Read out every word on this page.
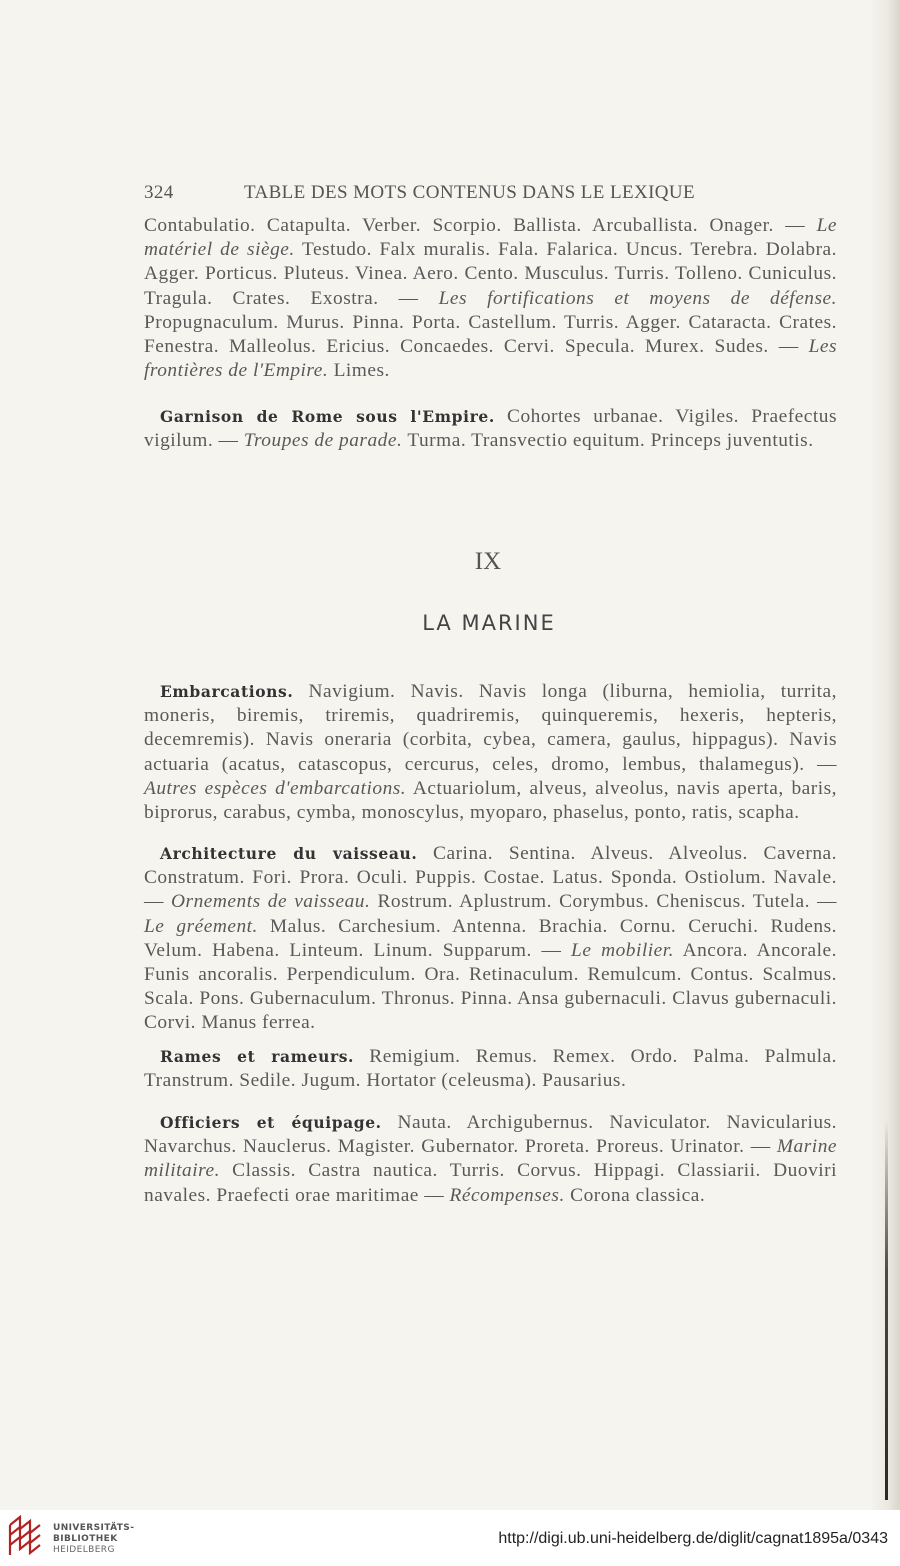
324	TABLE DES MOTS CONTENUS DANS LE LEXIQUE

Contabulatio. Catapulta. Verber. Scorpio. Ballista. Arcuballista. Onager. — Le matériel de siège. Testudo. Falx muralis. Fala. Falarica. Uncus. Terebra. Dolabra. Agger. Porticus. Pluteus. Vinea. Aero. Cento. Musculus. Turris. Tolleno. Cuniculus. Tragula. Crates. Exostra. — Les fortifications et moyens de défense. Propugnaculum. Murus. Pinna. Porta. Castellum. Turris. Agger. Cataracta. Crates. Fenestra. Malleolus. Ericius. Concaedes. Cervi. Specula. Murex. Sudes. — Les frontières de l'Empire. Limes.

Garnison de Rome sous l'Empire. Cohortes urbanae. Vigiles. Praefectus vigilum. — Troupes de parade. Turma. Transvectio equitum. Princeps juventutis.

IX
LA MARINE

Embarcations. Navigium. Navis. Navis longa (liburna, hemiolia, turrita, moneris, biremis, triremis, quadriremis, quinqueremis, hexeris, hepteris, decemremis). Navis oneraria (corbita, cybea, camera, gaulus, hippagus). Navis actuaria (acatus, catascopus, cercurus, celes, dromo, lembus, thalamegus). — Autres espèces d'embarcations. Actuariolum, alveus, alveolus, navis aperta, baris, biprorus, carabus, cymba, monoscylus, myoparo, phaselus, ponto, ratis, scapha.

Architecture du vaisseau. Carina. Sentina. Alveus. Alveolus. Caverna. Constratum. Fori. Prora. Oculi. Puppis. Costae. Latus. Sponda. Ostiolum. Navale. — Ornements de vaisseau. Rostrum. Aplustrum. Corymbus. Cheniscus. Tutela. — Le gréement. Malus. Carchesium. Antenna. Brachia. Cornu. Ceruchi. Rudens. Velum. Habena. Linteum. Linum. Supparum. — Le mobilier. Ancora. Ancorale. Funis ancoralis. Perpendiculum. Ora. Retinaculum. Remulcum. Contus. Scalmus. Scala. Pons. Gubernaculum. Thronus. Pinna. Ansa gubernaculi. Clavus gubernaculi. Corvi. Manus ferrea.

Rames et rameurs. Remigium. Remus. Remex. Ordo. Palma. Palmula. Transtrum. Sedile. Jugum. Hortator (celeusma). Pausarius.

Officiers et équipage. Nauta. Archigubernus. Naviculator. Navicularius. Navarchus. Nauclerus. Magister. Gubernator. Proreta. Proreus. Urinator. — Marine militaire. Classis. Castra nautica. Turris. Corvus. Hippagi. Classiarii. Duoviri navales. Praefecti orae maritimae — Récompenses. Corona classica.

UNIVERSITÄTS-
BIBLIOTHEK
HEIDELBERG
http://digi.ub.uni-heidelberg.de/diglit/cagnat1895a/0343
